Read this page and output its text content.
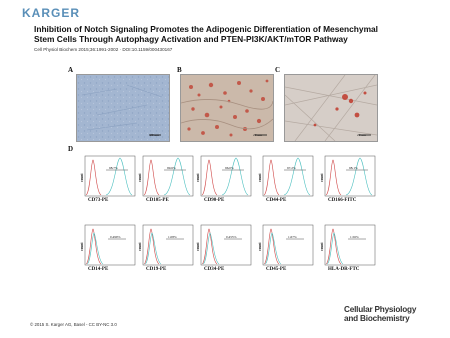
KARGER
Inhibition of Notch Signaling Promotes the Adipogenic Differentiation of Mesenchymal
Stem Cells Through Autophagy Activation and PTEN-PI3K/AKT/mTOR Pathway
Cell Physiol Biochem 2015;36:1991-2002 · DOI:10.1159/000430167
A	B	C
D
20 um	20 um	20 um
98.7%
count
CD73-PE
99.6%
count
CD105-PE
96.0%
count
CD90-PE
97.2%
count
CD44-PE
98.1%
count
CD166-FITC
0.499%
count
CD14-PE
1.08%
count
CD19-PE
0.455%
count
CD34-PE
1.67%
count
CD45-PE
1.56%
count
HLA-DR-FTC
© 2015 S. Karger AG, Basel - CC BY-NC 3.0
Cellular Physiology
and Biochemistry
